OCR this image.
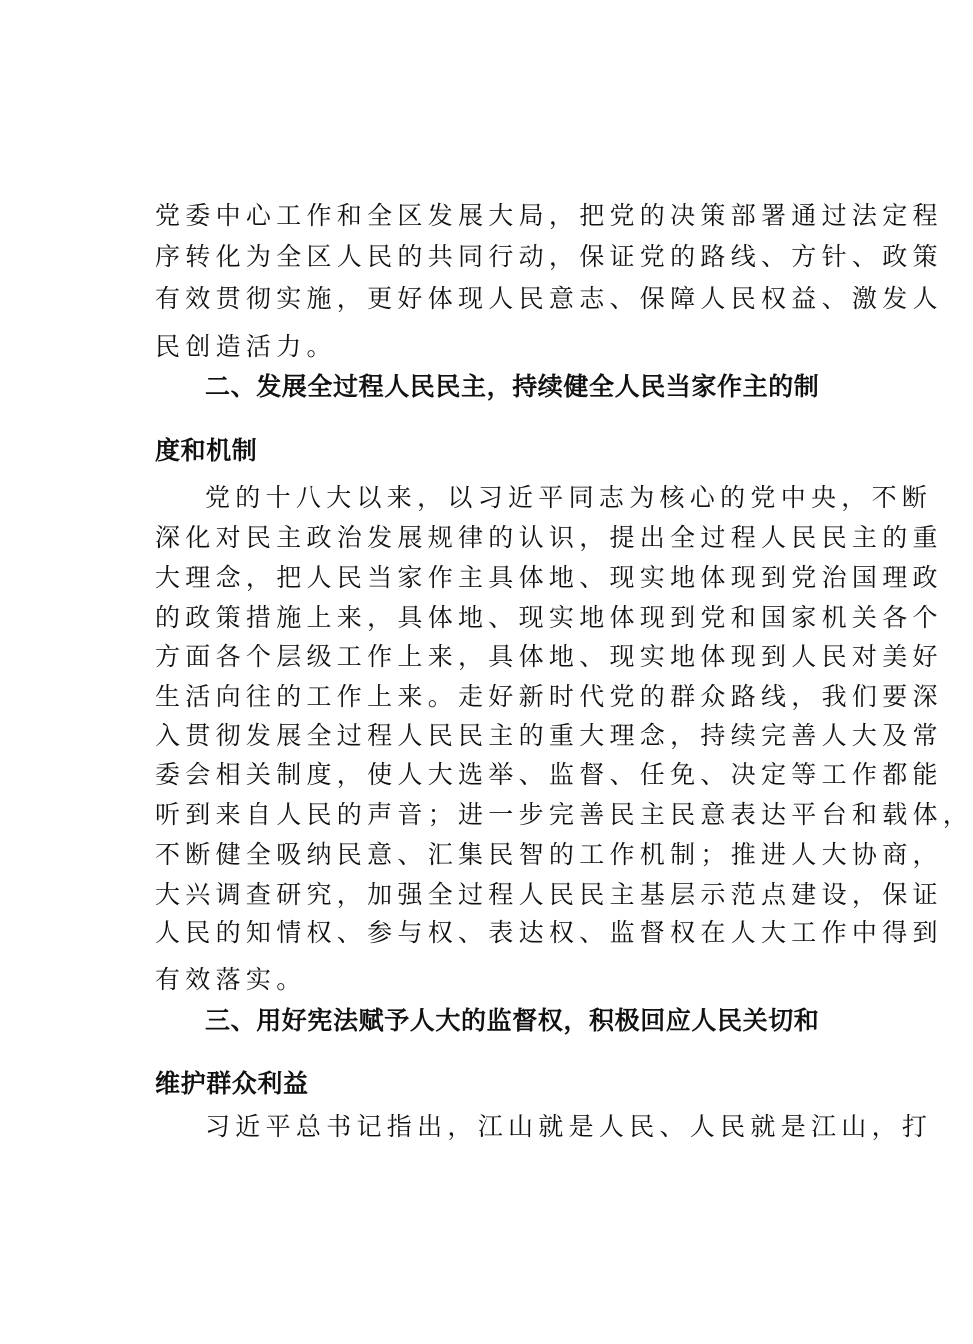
党委中心工作和全区发展大局，把党的决策部署通过法定程
序转化为全区人民的共同行动，保证党的路线、方针、政策
有效贯彻实施，更好体现人民意志、保障人民权益、激发人
民创造活力。
二、发展全过程人民民主，持续健全人民当家作主的制
度和机制
党的十八大以来，以习近平同志为核心的党中央，不断
深化对民主政治发展规律的认识，提出全过程人民民主的重
大理念，把人民当家作主具体地、现实地体现到党治国理政
的政策措施上来，具体地、现实地体现到党和国家机关各个
方面各个层级工作上来，具体地、现实地体现到人民对美好
生活向往的工作上来。走好新时代党的群众路线，我们要深
入贯彻发展全过程人民民主的重大理念，持续完善人大及常
委会相关制度，使人大选举、监督、任免、决定等工作都能
听到来自人民的声音；进一步完善民主民意表达平台和载体，
不断健全吸纳民意、汇集民智的工作机制；推进人大协商，
大兴调查研究，加强全过程人民民主基层示范点建设，保证
人民的知情权、参与权、表达权、监督权在人大工作中得到
有效落实。
三、用好宪法赋予人大的监督权，积极回应人民关切和
维护群众利益
习近平总书记指出，江山就是人民、人民就是江山，打
